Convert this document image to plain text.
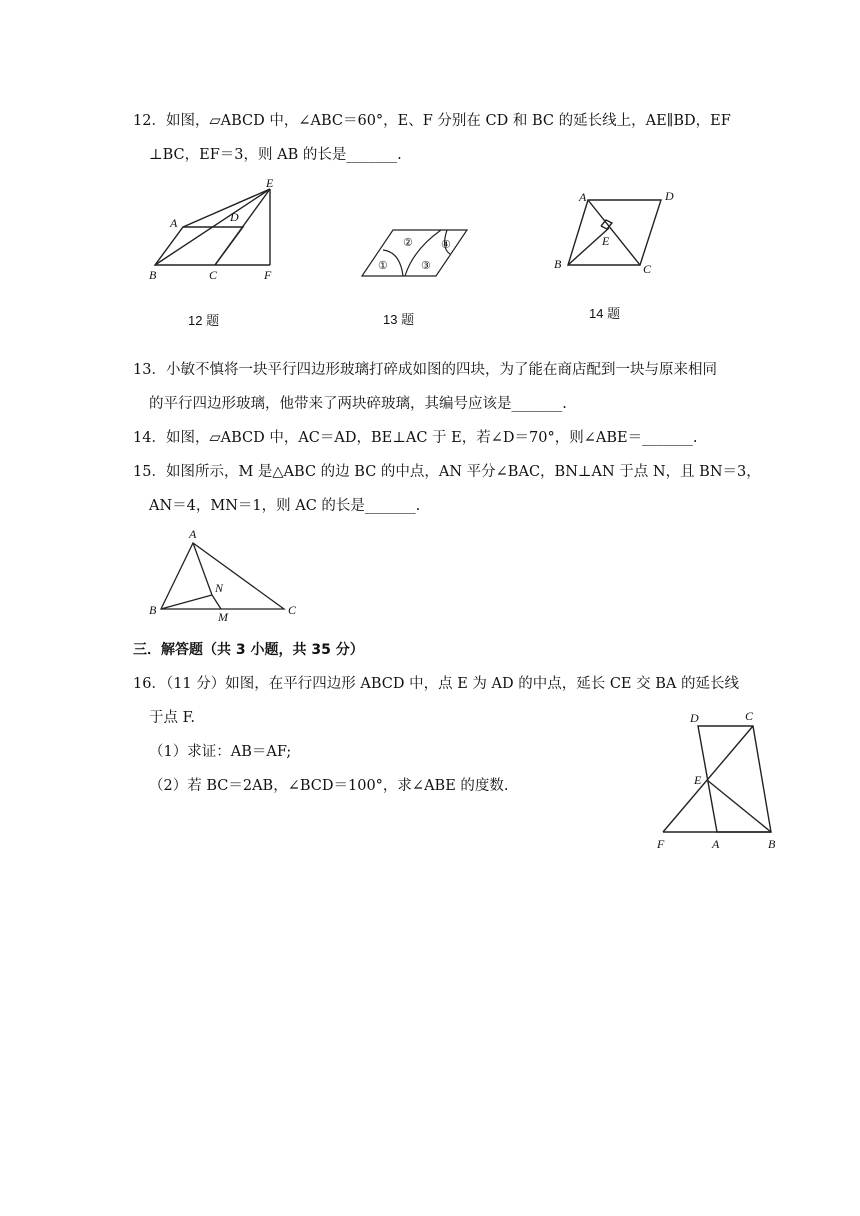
12．如图，▱ABCD 中，∠ABC＝60°，E、F 分别在 CD 和 BC 的延长线上，AE∥BD，EF
⊥BC，EF＝3，则 AB 的长是_______.
A
B	C
D
E
F
12 题
②	④
①	③
13 题
A	D
B	C
E
14 题
13．小敏不慎将一块平行四边形玻璃打碎成如图的四块，为了能在商店配到一块与原来相同
的平行四边形玻璃，他带来了两块碎玻璃，其编号应该是_______.
14．如图，▱ABCD 中，AC＝AD，BE⊥AC 于 E，若∠D＝70°，则∠ABE＝_______.
15．如图所示，M 是△ABC 的边 BC 的中点，AN 平分∠BAC，BN⊥AN 于点 N，且 BN＝3，
AN＝4，MN＝1，则 AC 的长是_______.
A
B	C
N
M
三．解答题（共 3 小题，共 35 分）
16．（11 分）如图，在平行四边形 ABCD 中，点 E 为 AD 的中点，延长 CE 交 BA 的延长线
于点 F.
（1）求证：AB＝AF;
（2）若 BC＝2AB，∠BCD＝100°，求∠ABE 的度数.
D	C
E
F	A	B
